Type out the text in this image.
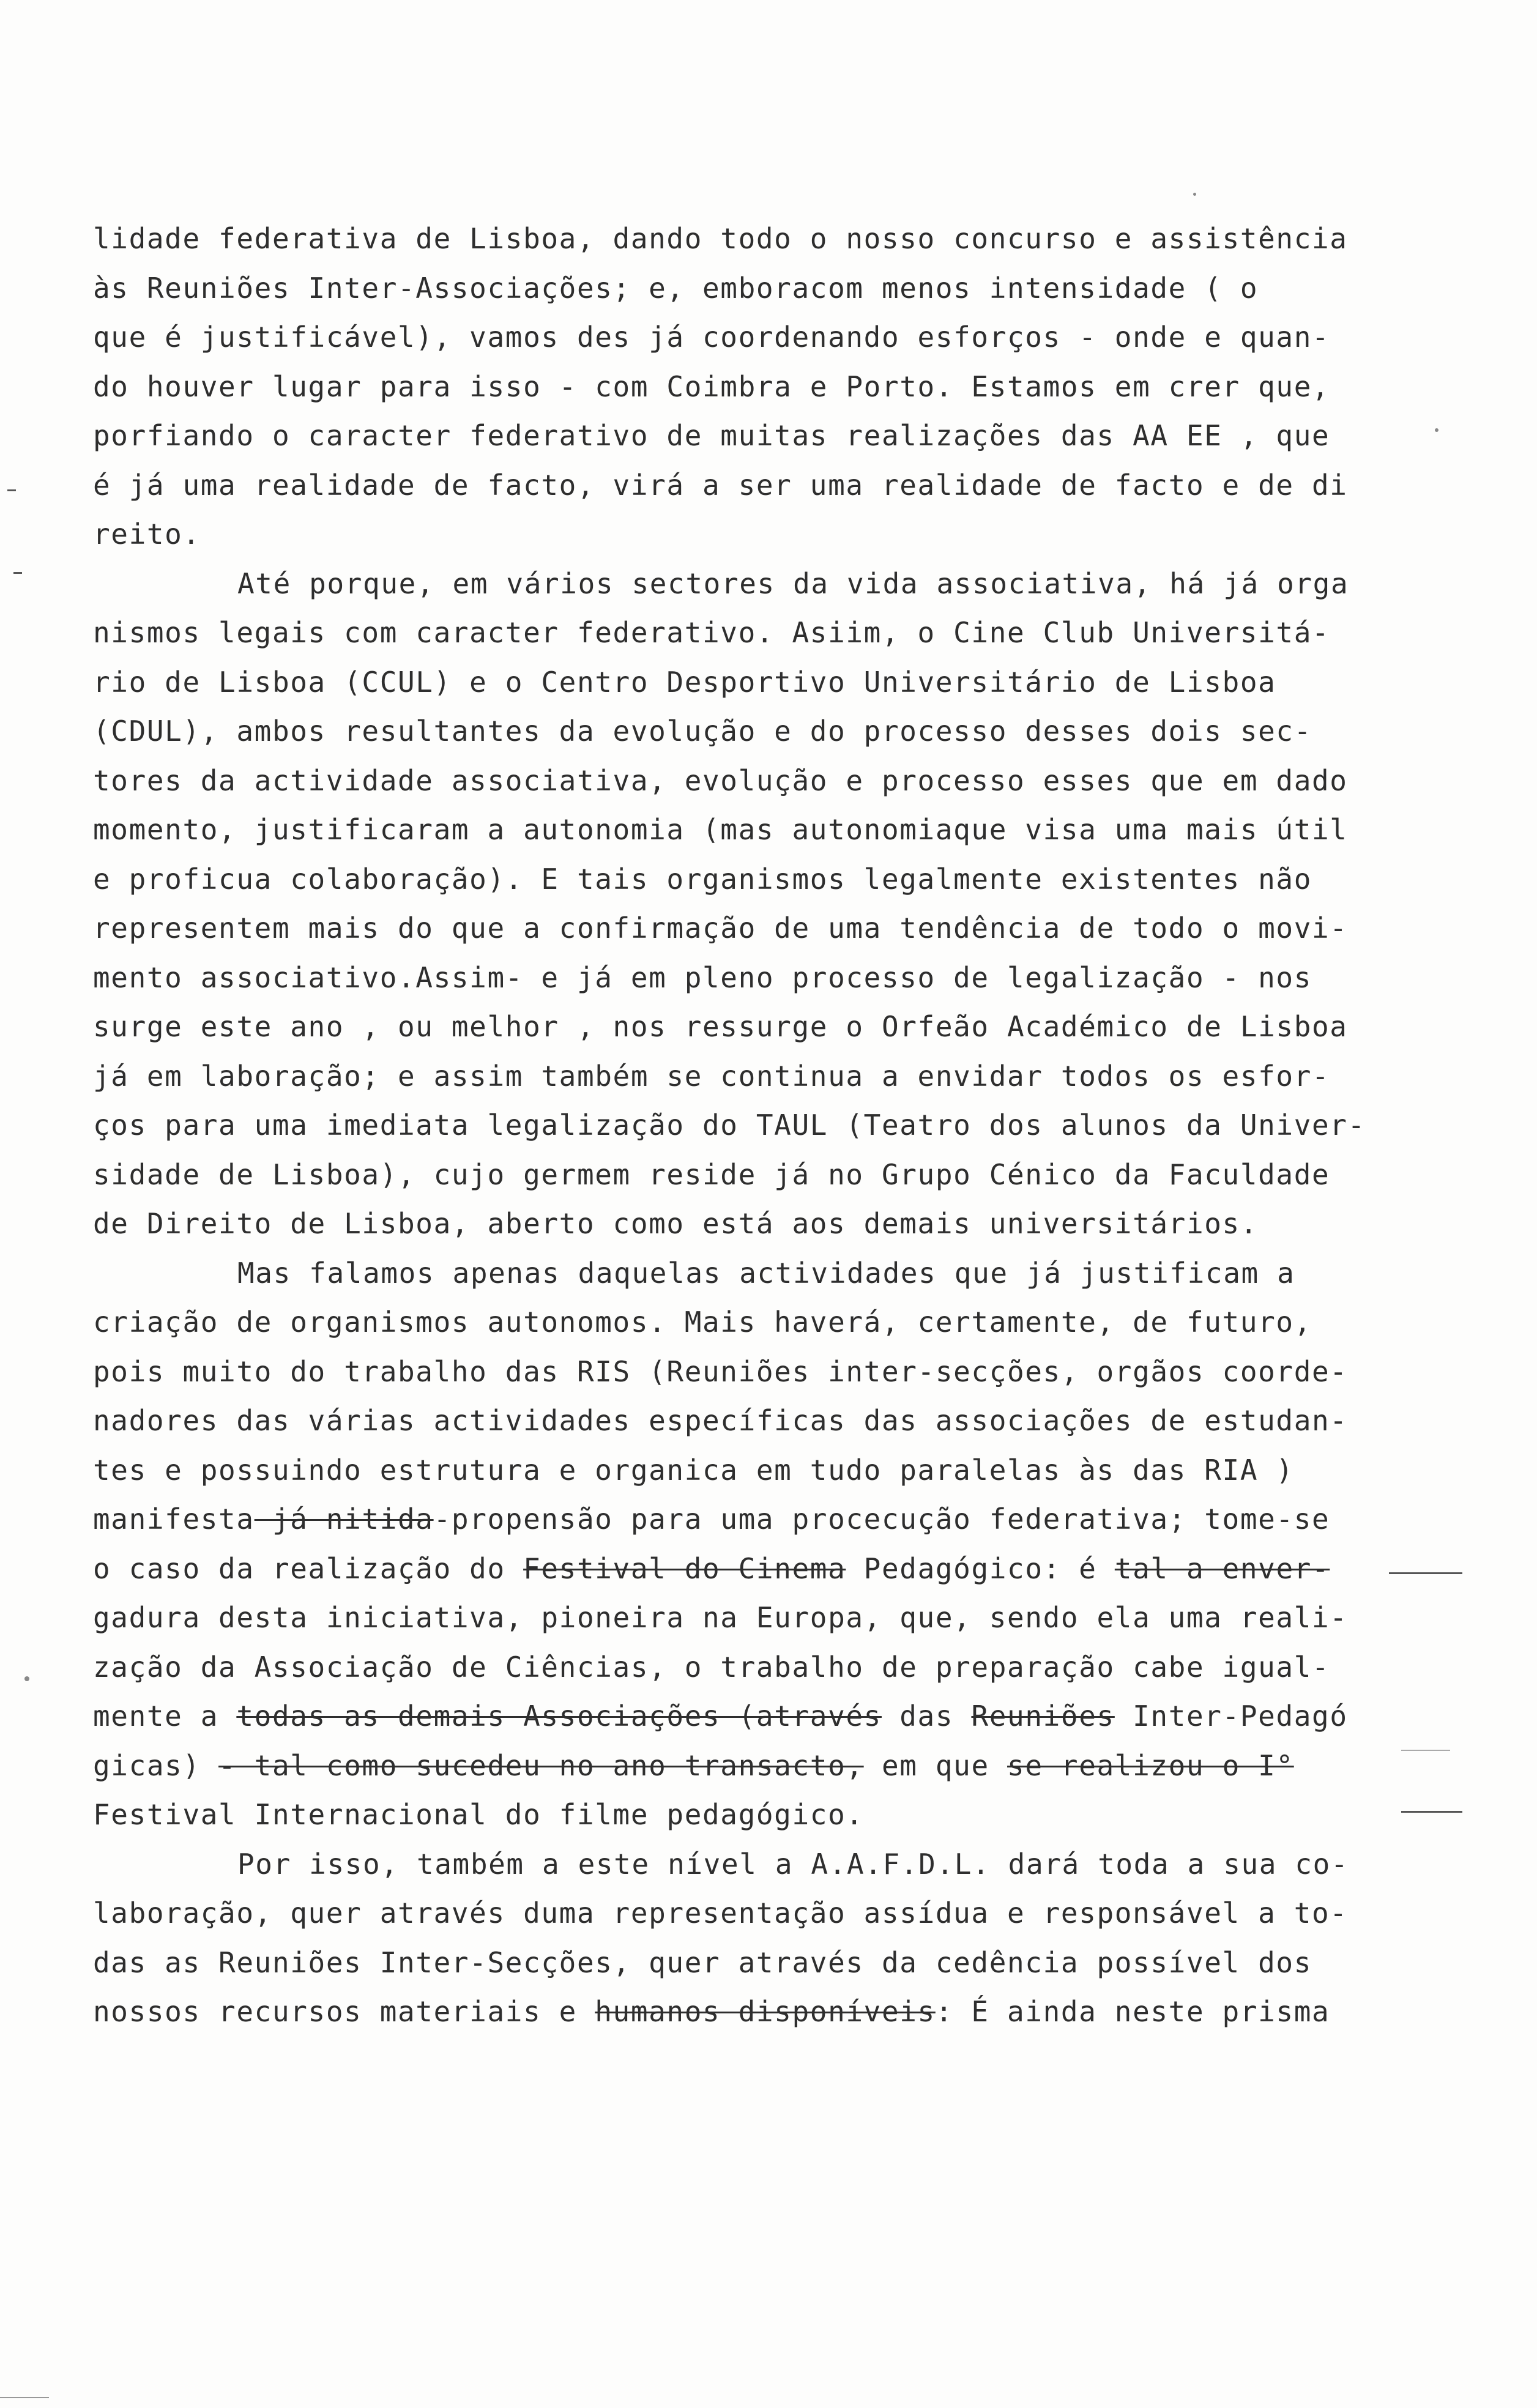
lidade federativa de Lisboa, dando todo o nosso concurso e assistência
às Reuniões Inter-Associações; e, emboracom menos intensidade ( o
que é justificável), vamos des já coordenando esforços - onde e quan-
do houver lugar para isso - com Coimbra e Porto. Estamos em crer que,
porfiando o caracter federativo de muitas realizações das AA EE , que
é já uma realidade de facto, virá a ser uma realidade de facto e de di
reito.
Até porque, em vários sectores da vida associativa, há já orga
nismos legais com caracter federativo. Asiim, o Cine Club Universitá-
rio de Lisboa (CCUL) e o Centro Desportivo Universitário de Lisboa
(CDUL), ambos resultantes da evolução e do processo desses dois sec-
tores da actividade associativa, evolução e processo esses que em dado
momento, justificaram a autonomia (mas autonomiaque visa uma mais útil
e proficua colaboração). E tais organismos legalmente existentes não
representem mais do que a confirmação de uma tendência de todo o movi-
mento associativo.Assim- e já em pleno processo de legalização - nos
surge este ano , ou melhor , nos ressurge o Orfeão Académico de Lisboa
já em laboração; e assim também se continua a envidar todos os esfor-
ços para uma imediata legalização do TAUL (Teatro dos alunos da Univer-
sidade de Lisboa), cujo germem reside já no Grupo Cénico da Faculdade
de Direito de Lisboa, aberto como está aos demais universitários.
Mas falamos apenas daquelas actividades que já justificam a
criação de organismos autonomos. Mais haverá, certamente, de futuro,
pois muito do trabalho das RIS (Reuniões inter-secções, orgãos coorde-
nadores das várias actividades específicas das associações de estudan-
tes e possuindo estrutura e organica em tudo paralelas às das RIA )
manifesta já nitida-propensão para uma procecução federativa; tome-se
o caso da realização do Festival do Cinema Pedagógico: é tal a enver-
gadura desta iniciativa, pioneira na Europa, que, sendo ela uma reali-
zação da Associação de Ciências, o trabalho de preparação cabe igual-
mente a todas as demais Associações (através das Reuniões Inter-Pedagó
gicas) - tal como sucedeu no ano transacto, em que se realizou o I°
Festival Internacional do filme pedagógico.
Por isso, também a este nível a A.A.F.D.L. dará toda a sua co-
laboração, quer através duma representação assídua e responsável a to-
das as Reuniões Inter-Secções, quer através da cedência possível dos
nossos recursos materiais e humanos disponíveis: É ainda neste prisma
